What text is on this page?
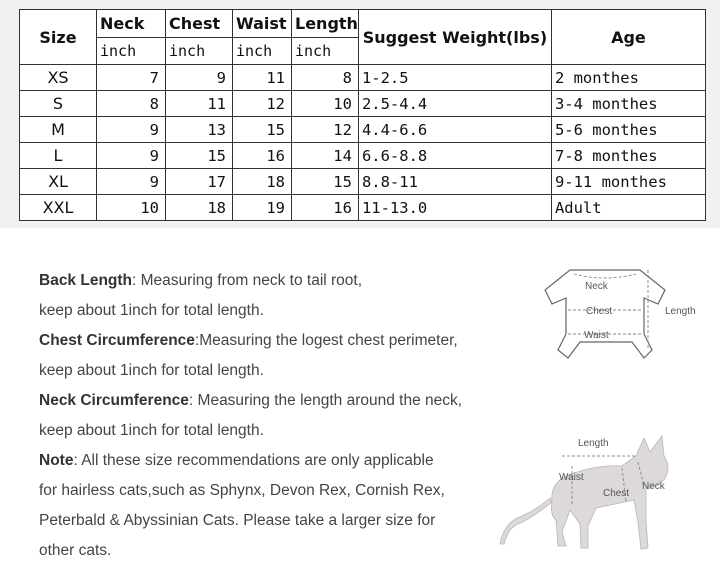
Size	Neck	Chest	Waist	Length	Suggest Weight(lbs)	Age
	inch	inch	inch	inch		
XS	7	9	11	8	1-2.5	2 monthes
S	8	11	12	10	2.5-4.4	3-4 monthes
M	9	13	15	12	4.4-6.6	5-6 monthes
L	9	15	16	14	6.6-8.8	7-8 monthes
XL	9	17	18	15	8.8-11	9-11 monthes
XXL	10	18	19	16	11-13.0	Adult

Back Length: Measuring from neck to tail root,

keep about 1inch for total length.

Chest Circumference:Measuring the logest chest perimeter,

keep about 1inch for total length.

Neck Circumference: Measuring the length around the neck,

keep about 1inch for total length.

Note: All these size recommendations are only applicable

for hairless cats,such as Sphynx, Devon Rex, Cornish Rex,

Peterbald & Abyssinian Cats. Please take a larger size for

other cats.

Neck
Chest
Waist
Length
Length
Waist
Chest
Neck
